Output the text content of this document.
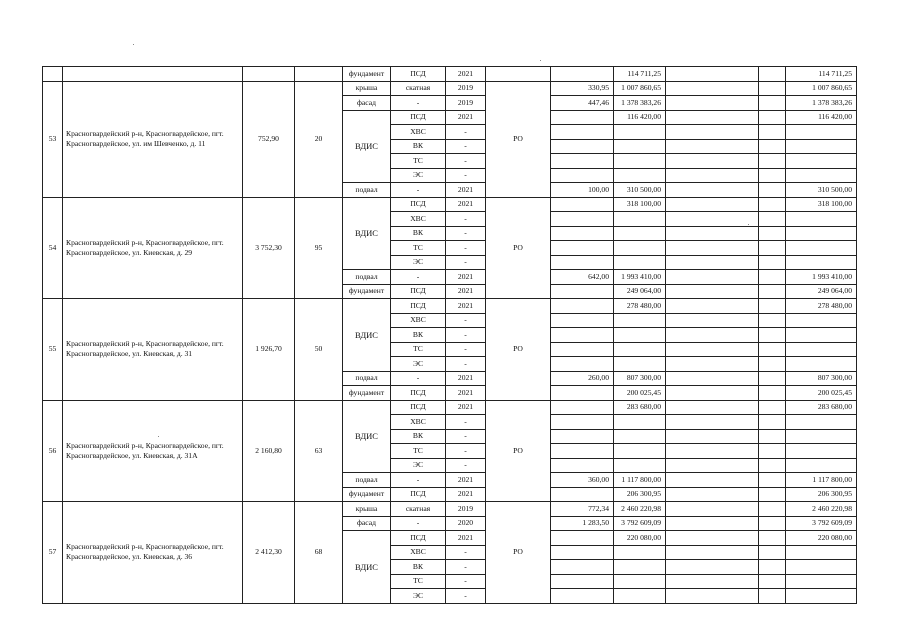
				фундамент	ПСД	2021			114 711,25			114 711,25
53	Красногвардейский р-н, Красногвардейское, пгт. Красногвардейское, ул. им Шевченко, д. 11	752,90	20	крыша	скатная	2019	РО	330,95	1 007 860,65			1 007 860,65
				фасад	-	2019		447,46	1 378 383,26			1 378 383,26
				ВДИС	ПСД	2021			116 420,00			116 420,00
					ХВС	-						
					ВК	-						
					ТС	-						
					ЭС	-						
				подвал	-	2021		100,00	310 500,00			310 500,00
54	Красногвардейский р-н, Красногвардейское, пгт. Красногвардейское, ул. Киевская, д. 29	3 752,30	95	ВДИС	ПСД	2021	РО		318 100,00			318 100,00
					ХВС	-						
					ВК	-						
					ТС	-						
					ЭС	-						
				подвал	-	2021		642,00	1 993 410,00			1 993 410,00
				фундамент	ПСД	2021			249 064,00			249 064,00
55	Красногвардейский р-н, Красногвардейское, пгт. Красногвардейское, ул. Киевская, д. 31	1 926,70	50	ВДИС	ПСД	2021	РО		278 480,00			278 480,00
					ХВС	-						
					ВК	-						
					ТС	-						
					ЭС	-						
				подвал	-	2021		260,00	807 300,00			807 300,00
				фундамент	ПСД	2021			200 025,45			200 025,45
56	Красногвардейский р-н, Красногвардейское, пгт. Красногвардейское, ул. Киевская, д. 31А	2 160,80	63	ВДИС	ПСД	2021	РО		283 680,00			283 680,00
					ХВС	-						
					ВК	-						
					ТС	-						
					ЭС	-						
				подвал	-	2021		360,00	1 117 800,00			1 117 800,00
				фундамент	ПСД	2021			206 300,95			206 300,95
57	Красногвардейский р-н, Красногвардейское, пгт. Красногвардейское, ул. Киевская, д. 36	2 412,30	68	крыша	скатная	2019	РО	772,34	2 460 220,98			2 460 220,98
				фасад	-	2020		1 283,50	3 792 609,09			3 792 609,09
				ВДИС	ПСД	2021			220 080,00			220 080,00
					ХВС	-						
					ВК	-						
					ТС	-						
					ЭС	-						
